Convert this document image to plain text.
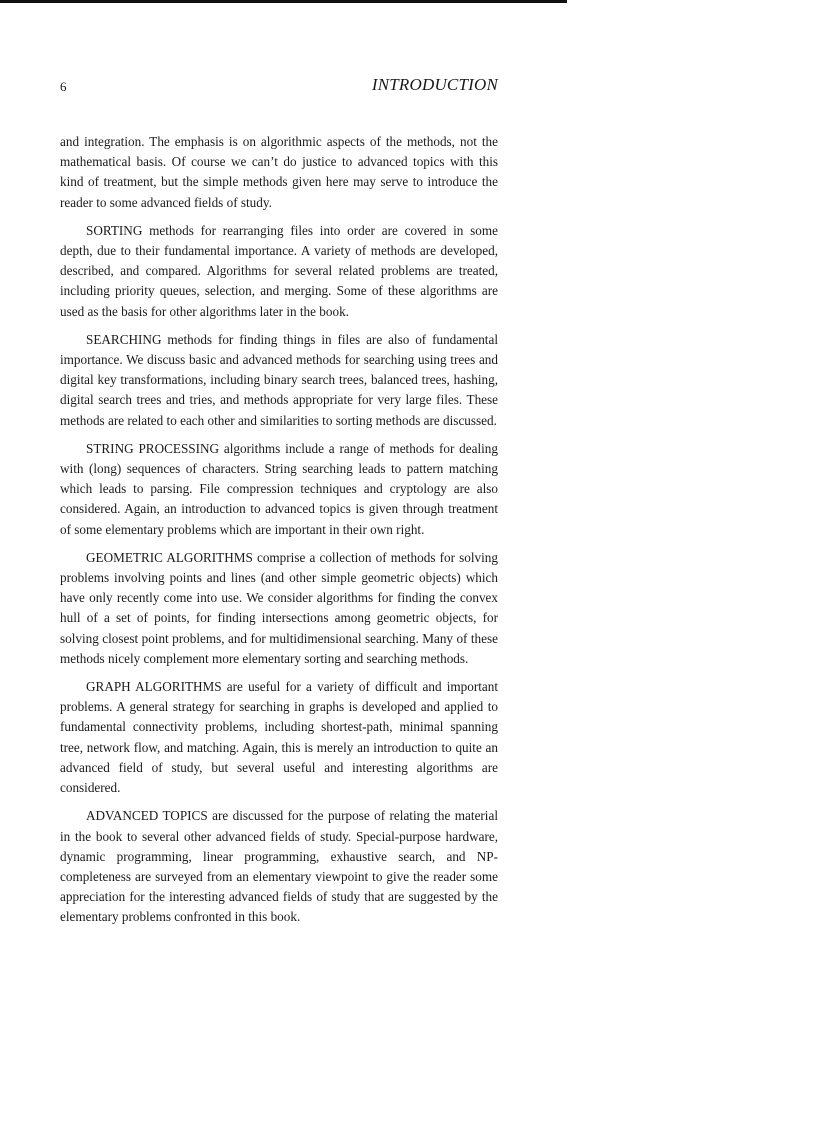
6	INTRODUCTION

and integration. The emphasis is on algorithmic aspects of the methods, not the mathematical basis. Of course we can’t do justice to advanced topics with this kind of treatment, but the simple methods given here may serve to introduce the reader to some advanced fields of study.

SORTING methods for rearranging files into order are covered in some depth, due to their fundamental importance. A variety of methods are developed, described, and compared. Algorithms for several related problems are treated, including priority queues, selection, and merging. Some of these algorithms are used as the basis for other algorithms later in the book.

SEARCHING methods for finding things in files are also of fundamental importance. We discuss basic and advanced methods for searching using trees and digital key transformations, including binary search trees, balanced trees, hashing, digital search trees and tries, and methods appropriate for very large files. These methods are related to each other and similarities to sorting methods are discussed.

STRING PROCESSING algorithms include a range of methods for dealing with (long) sequences of characters. String searching leads to pattern matching which leads to parsing. File compression techniques and cryptology are also considered. Again, an introduction to advanced topics is given through treatment of some elementary problems which are important in their own right.

GEOMETRIC ALGORITHMS comprise a collection of methods for solving problems involving points and lines (and other simple geometric objects) which have only recently come into use. We consider algorithms for finding the convex hull of a set of points, for finding intersections among geometric objects, for solving closest point problems, and for multidimensional searching. Many of these methods nicely complement more elementary sorting and searching methods.

GRAPH ALGORITHMS are useful for a variety of difficult and important problems. A general strategy for searching in graphs is developed and applied to fundamental connectivity problems, including shortest-path, minimal spanning tree, network flow, and matching. Again, this is merely an introduction to quite an advanced field of study, but several useful and interesting algorithms are considered.

ADVANCED TOPICS are discussed for the purpose of relating the material in the book to several other advanced fields of study. Special-purpose hardware, dynamic programming, linear programming, exhaustive search, and NP-completeness are surveyed from an elementary viewpoint to give the reader some appreciation for the interesting advanced fields of study that are suggested by the elementary problems confronted in this book.
